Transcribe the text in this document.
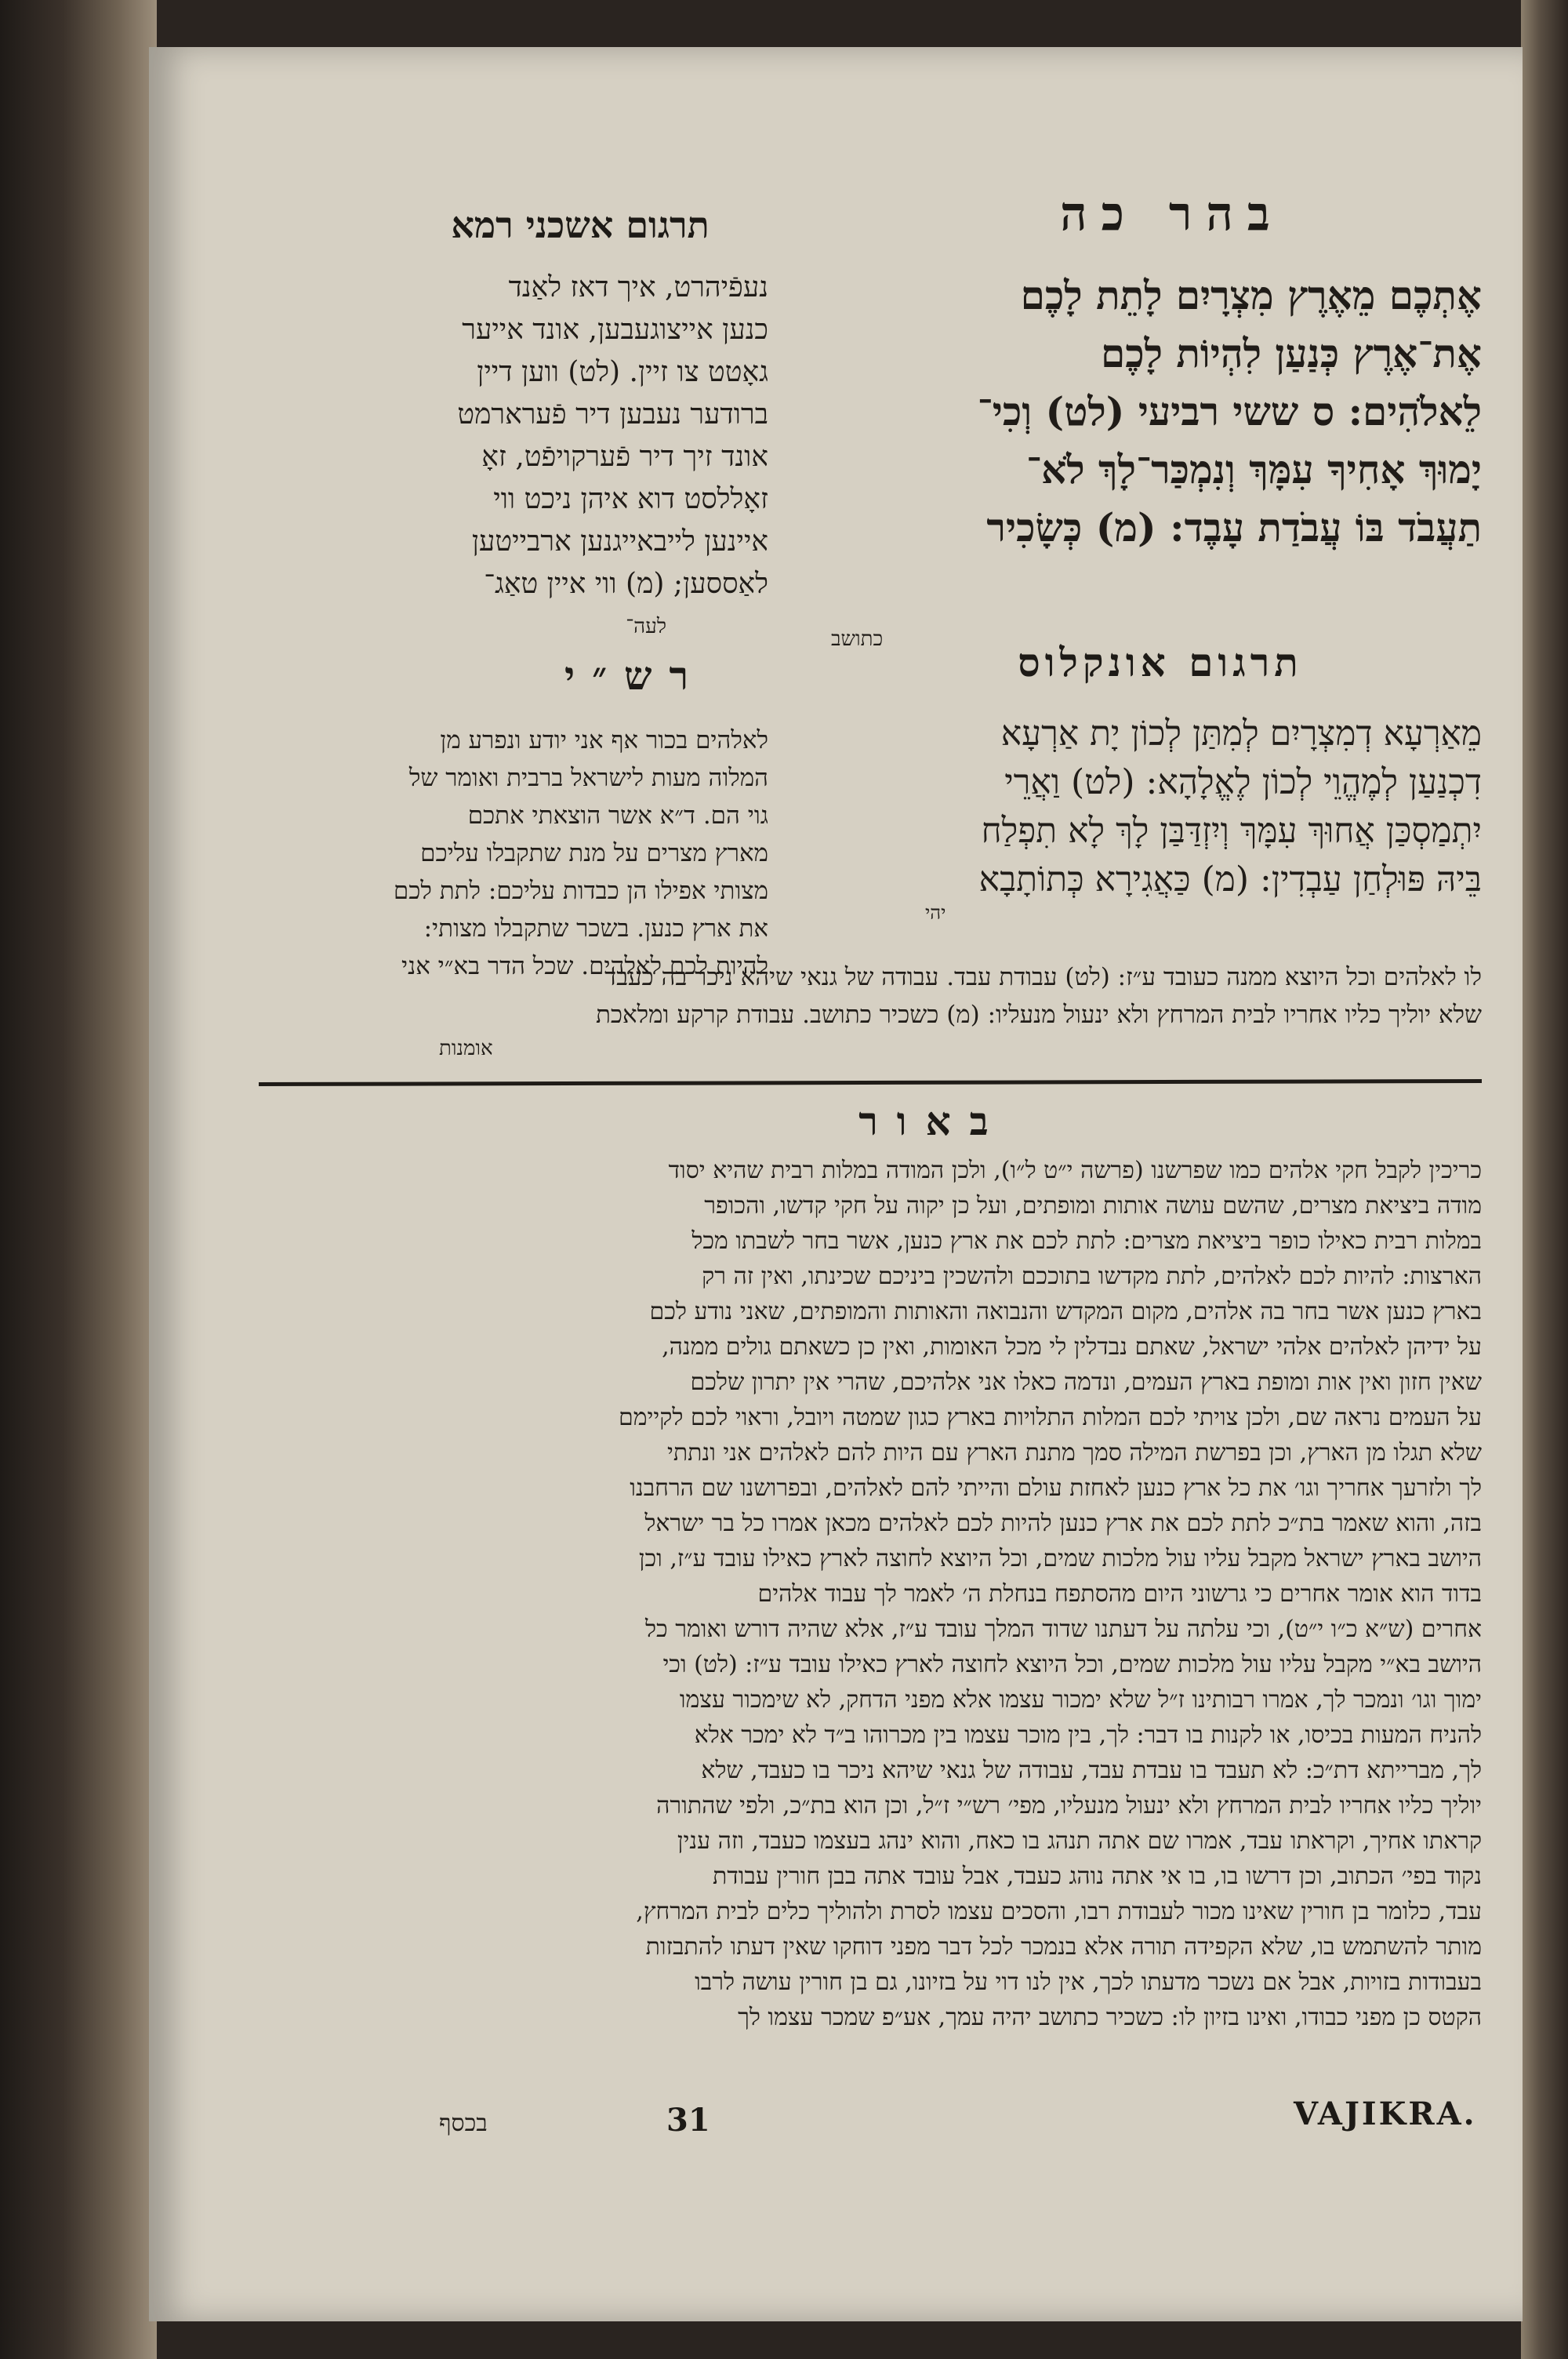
בהר כה
תרגום אשכני רמא
אֶתְכֶם מֵאֶרֶץ מִצְרָיִם לָתֵת לָכֶם
אֶת־אֶרֶץ כְּנַעַן לִהְיוֹת לָכֶם
לֵאלֹהִים: ס ששי רביעי (לט) וְכִי־
יָמוּךְ אָחִיךָ עִמָּךְ וְנִמְכַּר־לָךְ לֹא־
תַעֲבֹד בּוֹ עֲבֹדַת עָבֶד: (מ) כְּשָׂכִיר
כתושב
נעפֿיהרט, איך דאז לאַנד
כנען אייצוגעבען, אונד אייער
גאָטט צו זיין. (לט) ווען דיין
ברודער נעבען דיר פֿערארמט
אונד זיך דיר פֿערקויפֿט, זאָ
זאָללסט דוא איהן ניכט ווי
איינען לייבאייגנען ארבייטען
לאַססען; (מ) ווי איין טאַג־
לעה־
תרגום אונקלוס
מֵאַרְעָא דְמִצְרָיִם לְמִתַּן לְכוֹן יָת אַרְעָא
דִכְנַעַן לְמֶהֱוֵי לְכוֹן לֶאֱלָהָא: (לט) וַאֲרֵי
יִתְמַסְכַּן אֲחוּךְ עִמָּךְ וְיִזְדַּבַּן לָךְ לָא תִפְלַח
בֵּיהּ פּוּלְחַן עַבְדִין: (מ) כַּאֲגִירָא כְּתוֹתָבָא
יהי
רש״י
לאלהים בכור אף אני יודע ונפרע מן
המלוה מעות לישראל ברבית ואומר של
גוי הם. ד״א אשר הוצאתי אתכם
מארץ מצרים על מנת שתקבלו עליכם
מצותי אפילו הן כבדות עליכם: לתת לכם
את ארץ כנען. בשכר שתקבלו מצותי:
להיות לכם לאלהים. שכל הדר בא״י אני
לו לאלהים וכל היוצא ממנה כעובד ע״ז: (לט) עבודת עבד. עבודה של גנאי שיהא ניכר בה כעבד
שלא יוליך כליו אחריו לבית המרחץ ולא ינעול מנעליו: (מ) כשכיר כתושב. עבודת קרקע ומלאכת
אומנות
באור
כריכין לקבל חקי אלהים כמו שפרשנו (פרשה י״ט ל״ו), ולכן המודה במלות רבית שהיא יסוד
מודה ביציאת מצרים, שהשם עושה אותות ומופתים, ועל כן יקוה על חקי קדשו, והכופר
במלות רבית כאילו כופר ביציאת מצרים: לתת לכם את ארץ כנען, אשר בחר לשבתו מכל
הארצות: להיות לכם לאלהים, לתת מקדשו בתוככם ולהשכין ביניכם שכינתו, ואין זה רק
בארץ כנען אשר בחר בה אלהים, מקום המקדש והנבואה והאותות והמופתים, שאני נודע לכם
על ידיהן לאלהים אלהי ישראל, שאתם נבדלין לי מכל האומות, ואין כן כשאתם גולים ממנה,
שאין חזון ואין אות ומופת בארץ העמים, ונדמה כאלו אני אלהיכם, שהרי אין יתרון שלכם
על העמים נראה שם, ולכן צויתי לכם המלות התלויות בארץ כגון שמטה ויובל, וראוי לכם לקיימם
שלא תגלו מן הארץ, וכן בפרשת המילה סמך מתנת הארץ עם היות להם לאלהים אני ונתתי
לך ולזרעך אחריך וגו׳ את כל ארץ כנען לאחזת עולם והייתי להם לאלהים, ובפרושנו שם הרחבנו
בזה, והוא שאמר בת״כ לתת לכם את ארץ כנען להיות לכם לאלהים מכאן אמרו כל בר ישראל
היושב בארץ ישראל מקבל עליו עול מלכות שמים, וכל היוצא לחוצה לארץ כאילו עובד ע״ז, וכן
בדוד הוא אומר אחרים כי גרשוני היום מהסתפח בנחלת ה׳ לאמר לך עבוד אלהים
אחרים (ש״א כ״ו י״ט), וכי עלתה על דעתנו שדוד המלך עובד ע״ז, אלא שהיה דורש ואומר כל
היושב בא״י מקבל עליו עול מלכות שמים, וכל היוצא לחוצה לארץ כאילו עובד ע״ז: (לט) וכי
ימוך וגו׳ ונמכר לך, אמרו רבותינו ז״ל שלא ימכור עצמו אלא מפני הדחק, לא שימכור עצמו
להניח המעות בכיסו, או לקנות בו דבר: לך, בין מוכר עצמו בין מכרוהו ב״ד לא ימכר אלא
לך, מברייתא דת״כ: לא תעבד בו עבדת עבד, עבודה של גנאי שיהא ניכר בו כעבד, שלא
יוליך כליו אחריו לבית המרחץ ולא ינעול מנעליו, מפי׳ רש״י ז״ל, וכן הוא בת״כ, ולפי שהתורה
קראתו אחיך, וקראתו עבד, אמרו שם אתה תנהג בו כאח, והוא ינהג בעצמו כעבד, וזה ענין
נקוד בפי׳ הכתוב, וכן דרשו בו, בו אי אתה נוהג כעבד, אבל עובד אתה בבן חורין עבודת
עבד, כלומר בן חורין שאינו מכור לעבודת רבו, והסכים עצמו לסרת ולהוליך כלים לבית המרחץ,
מותר להשתמש בו, שלא הקפידה תורה אלא בנמכר לכל דבר מפני דוחקו שאין דעתו להתבזות
בעבודות בזויות, אבל אם נשכר מדעתו לכך, אין לנו דוי על בזיונו, גם בן חורין עושה לרבו
הקטס כן מפני כבודו, ואינו בזיון לו: כשכיר כתושב יהיה עמך, אע״פ שמכר עצמו לך
בכסף	31	VAJIKRA.
